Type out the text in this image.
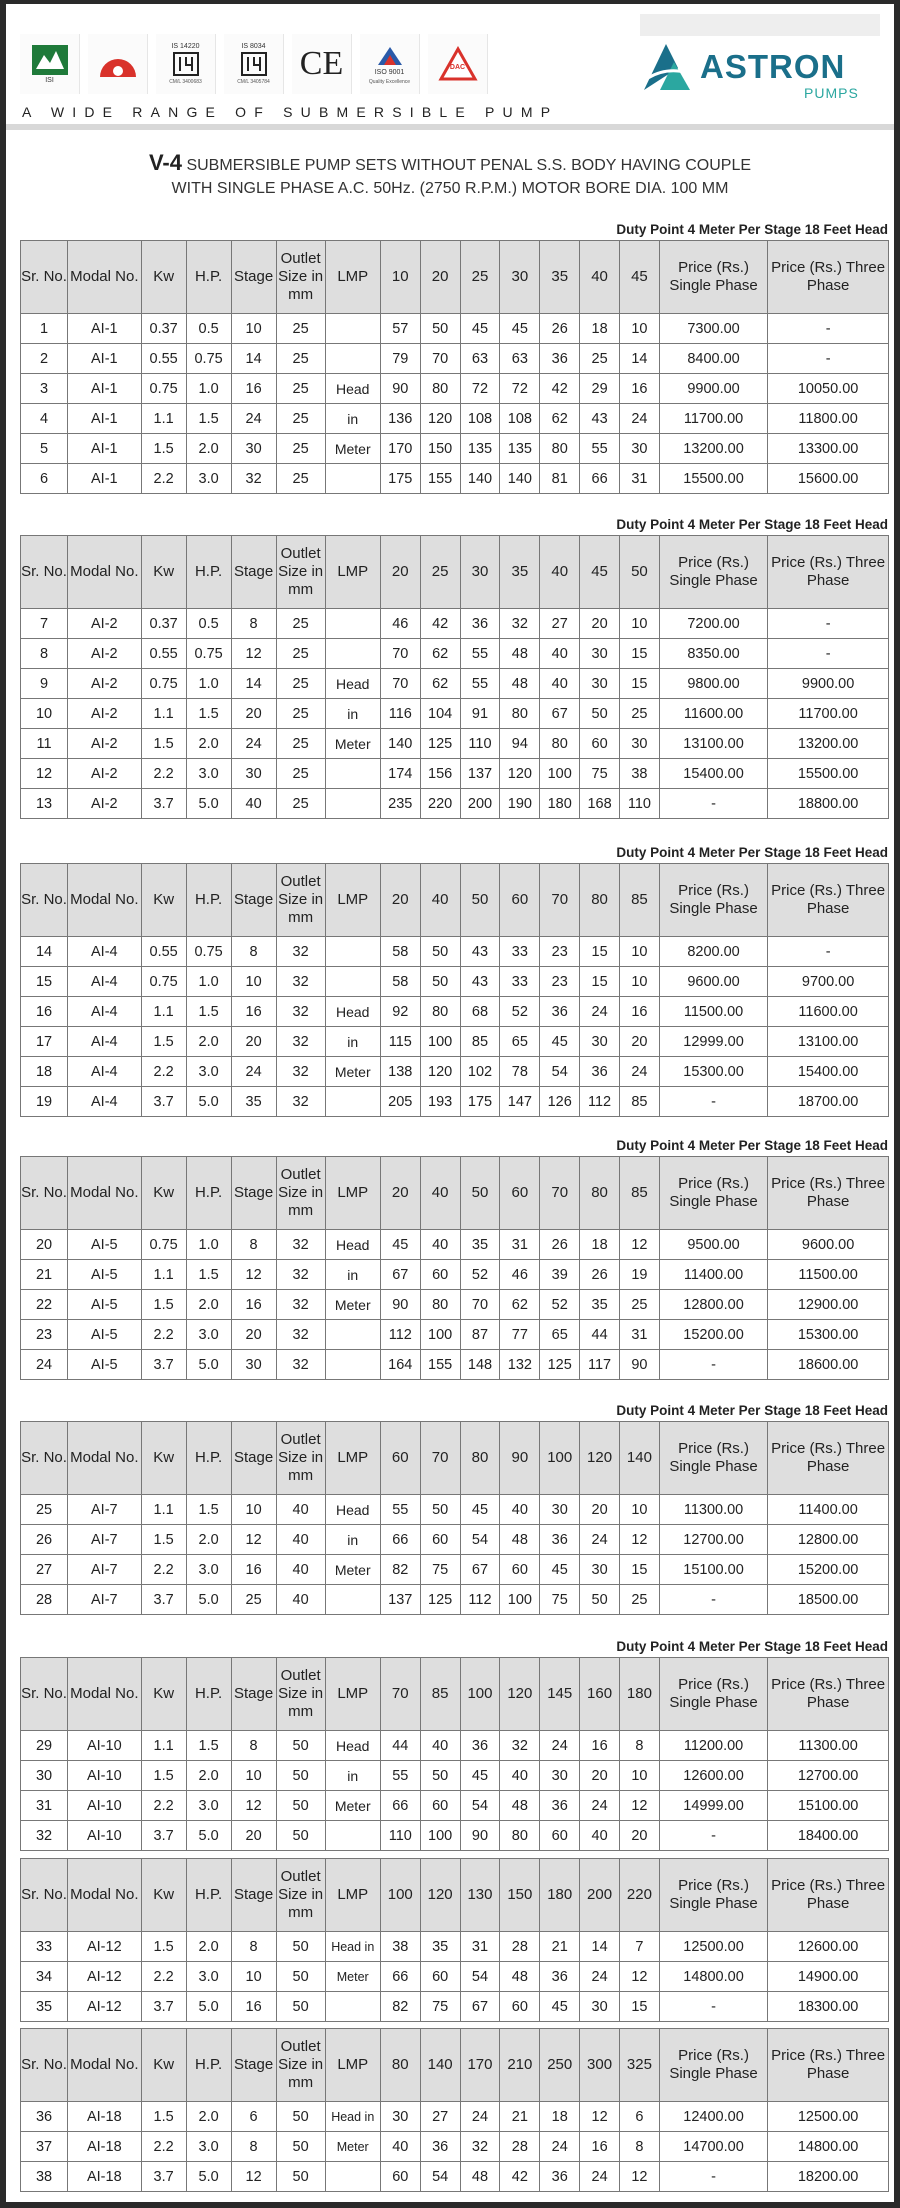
ISI
IS 14220
CM/L 3400683
IS 8034
CM/L 3405784 CE	ISO 9001
Quality Excellence
DAC
A WIDE RANGE OF SUBMERSIBLE PUMP
ASTRON
PUMPS
V-4 SUBMERSIBLE PUMP SETS WITHOUT PENAL S.S. BODY HAVING COUPLE
WITH SINGLE PHASE A.C. 50Hz. (2750 R.P.M.) MOTOR BORE DIA. 100 MM
Duty Point 4 Meter Per Stage 18 Feet Head
Sr. No.	Modal No.	Kw	H.P.	Stage	Outlet Size in mm	LMP	10	20	25	30	35	40	45	Price (Rs.) Single Phase	Price (Rs.) Three Phase
1	AI-1	0.37	0.5	10	25		57	50	45	45	26	18	10	7300.00	-
2	AI-1	0.55	0.75	14	25		79	70	63	63	36	25	14	8400.00	-
3	AI-1	0.75	1.0	16	25	Head	90	80	72	72	42	29	16	9900.00	10050.00
4	AI-1	1.1	1.5	24	25	in	136	120	108	108	62	43	24	11700.00	11800.00
5	AI-1	1.5	2.0	30	25	Meter	170	150	135	135	80	55	30	13200.00	13300.00
6	AI-1	2.2	3.0	32	25		175	155	140	140	81	66	31	15500.00	15600.00
Duty Point 4 Meter Per Stage 18 Feet Head
Sr. No.	Modal No.	Kw	H.P.	Stage	Outlet Size in mm	LMP	20	25	30	35	40	45	50	Price (Rs.) Single Phase	Price (Rs.) Three Phase
7	AI-2	0.37	0.5	8	25		46	42	36	32	27	20	10	7200.00	-
8	AI-2	0.55	0.75	12	25		70	62	55	48	40	30	15	8350.00	-
9	AI-2	0.75	1.0	14	25	Head	70	62	55	48	40	30	15	9800.00	9900.00
10	AI-2	1.1	1.5	20	25	in	116	104	91	80	67	50	25	11600.00	11700.00
11	AI-2	1.5	2.0	24	25	Meter	140	125	110	94	80	60	30	13100.00	13200.00
12	AI-2	2.2	3.0	30	25		174	156	137	120	100	75	38	15400.00	15500.00
13	AI-2	3.7	5.0	40	25		235	220	200	190	180	168	110	-	18800.00
Duty Point 4 Meter Per Stage 18 Feet Head
Sr. No.	Modal No.	Kw	H.P.	Stage	Outlet Size in mm	LMP	20	40	50	60	70	80	85	Price (Rs.) Single Phase	Price (Rs.) Three Phase
14	AI-4	0.55	0.75	8	32		58	50	43	33	23	15	10	8200.00	-
15	AI-4	0.75	1.0	10	32		58	50	43	33	23	15	10	9600.00	9700.00
16	AI-4	1.1	1.5	16	32	Head	92	80	68	52	36	24	16	11500.00	11600.00
17	AI-4	1.5	2.0	20	32	in	115	100	85	65	45	30	20	12999.00	13100.00
18	AI-4	2.2	3.0	24	32	Meter	138	120	102	78	54	36	24	15300.00	15400.00
19	AI-4	3.7	5.0	35	32		205	193	175	147	126	112	85	-	18700.00
Duty Point 4 Meter Per Stage 18 Feet Head
Sr. No.	Modal No.	Kw	H.P.	Stage	Outlet Size in mm	LMP	20	40	50	60	70	80	85	Price (Rs.) Single Phase	Price (Rs.) Three Phase
20	AI-5	0.75	1.0	8	32	Head	45	40	35	31	26	18	12	9500.00	9600.00
21	AI-5	1.1	1.5	12	32	in	67	60	52	46	39	26	19	11400.00	11500.00
22	AI-5	1.5	2.0	16	32	Meter	90	80	70	62	52	35	25	12800.00	12900.00
23	AI-5	2.2	3.0	20	32		112	100	87	77	65	44	31	15200.00	15300.00
24	AI-5	3.7	5.0	30	32		164	155	148	132	125	117	90	-	18600.00
Duty Point 4 Meter Per Stage 18 Feet Head
Sr. No.	Modal No.	Kw	H.P.	Stage	Outlet Size in mm	LMP	60	70	80	90	100	120	140	Price (Rs.) Single Phase	Price (Rs.) Three Phase
25	AI-7	1.1	1.5	10	40	Head	55	50	45	40	30	20	10	11300.00	11400.00
26	AI-7	1.5	2.0	12	40	in	66	60	54	48	36	24	12	12700.00	12800.00
27	AI-7	2.2	3.0	16	40	Meter	82	75	67	60	45	30	15	15100.00	15200.00
28	AI-7	3.7	5.0	25	40		137	125	112	100	75	50	25	-	18500.00
Duty Point 4 Meter Per Stage 18 Feet Head
Sr. No.	Modal No.	Kw	H.P.	Stage	Outlet Size in mm	LMP	70	85	100	120	145	160	180	Price (Rs.) Single Phase	Price (Rs.) Three Phase
29	AI-10	1.1	1.5	8	50	Head	44	40	36	32	24	16	8	11200.00	11300.00
30	AI-10	1.5	2.0	10	50	in	55	50	45	40	30	20	10	12600.00	12700.00
31	AI-10	2.2	3.0	12	50	Meter	66	60	54	48	36	24	12	14999.00	15100.00
32	AI-10	3.7	5.0	20	50		110	100	90	80	60	40	20	-	18400.00
Sr. No.	Modal No.	Kw	H.P.	Stage	Outlet Size in mm	LMP	100	120	130	150	180	200	220	Price (Rs.) Single Phase	Price (Rs.) Three Phase
33	AI-12	1.5	2.0	8	50	Head in	38	35	31	28	21	14	7	12500.00	12600.00
34	AI-12	2.2	3.0	10	50	Meter	66	60	54	48	36	24	12	14800.00	14900.00
35	AI-12	3.7	5.0	16	50		82	75	67	60	45	30	15	-	18300.00
Sr. No.	Modal No.	Kw	H.P.	Stage	Outlet Size in mm	LMP	80	140	170	210	250	300	325	Price (Rs.) Single Phase	Price (Rs.) Three Phase
36	AI-18	1.5	2.0	6	50	Head in	30	27	24	21	18	12	6	12400.00	12500.00
37	AI-18	2.2	3.0	8	50	Meter	40	36	32	28	24	16	8	14700.00	14800.00
38	AI-18	3.7	5.0	12	50		60	54	48	42	36	24	12	-	18200.00
